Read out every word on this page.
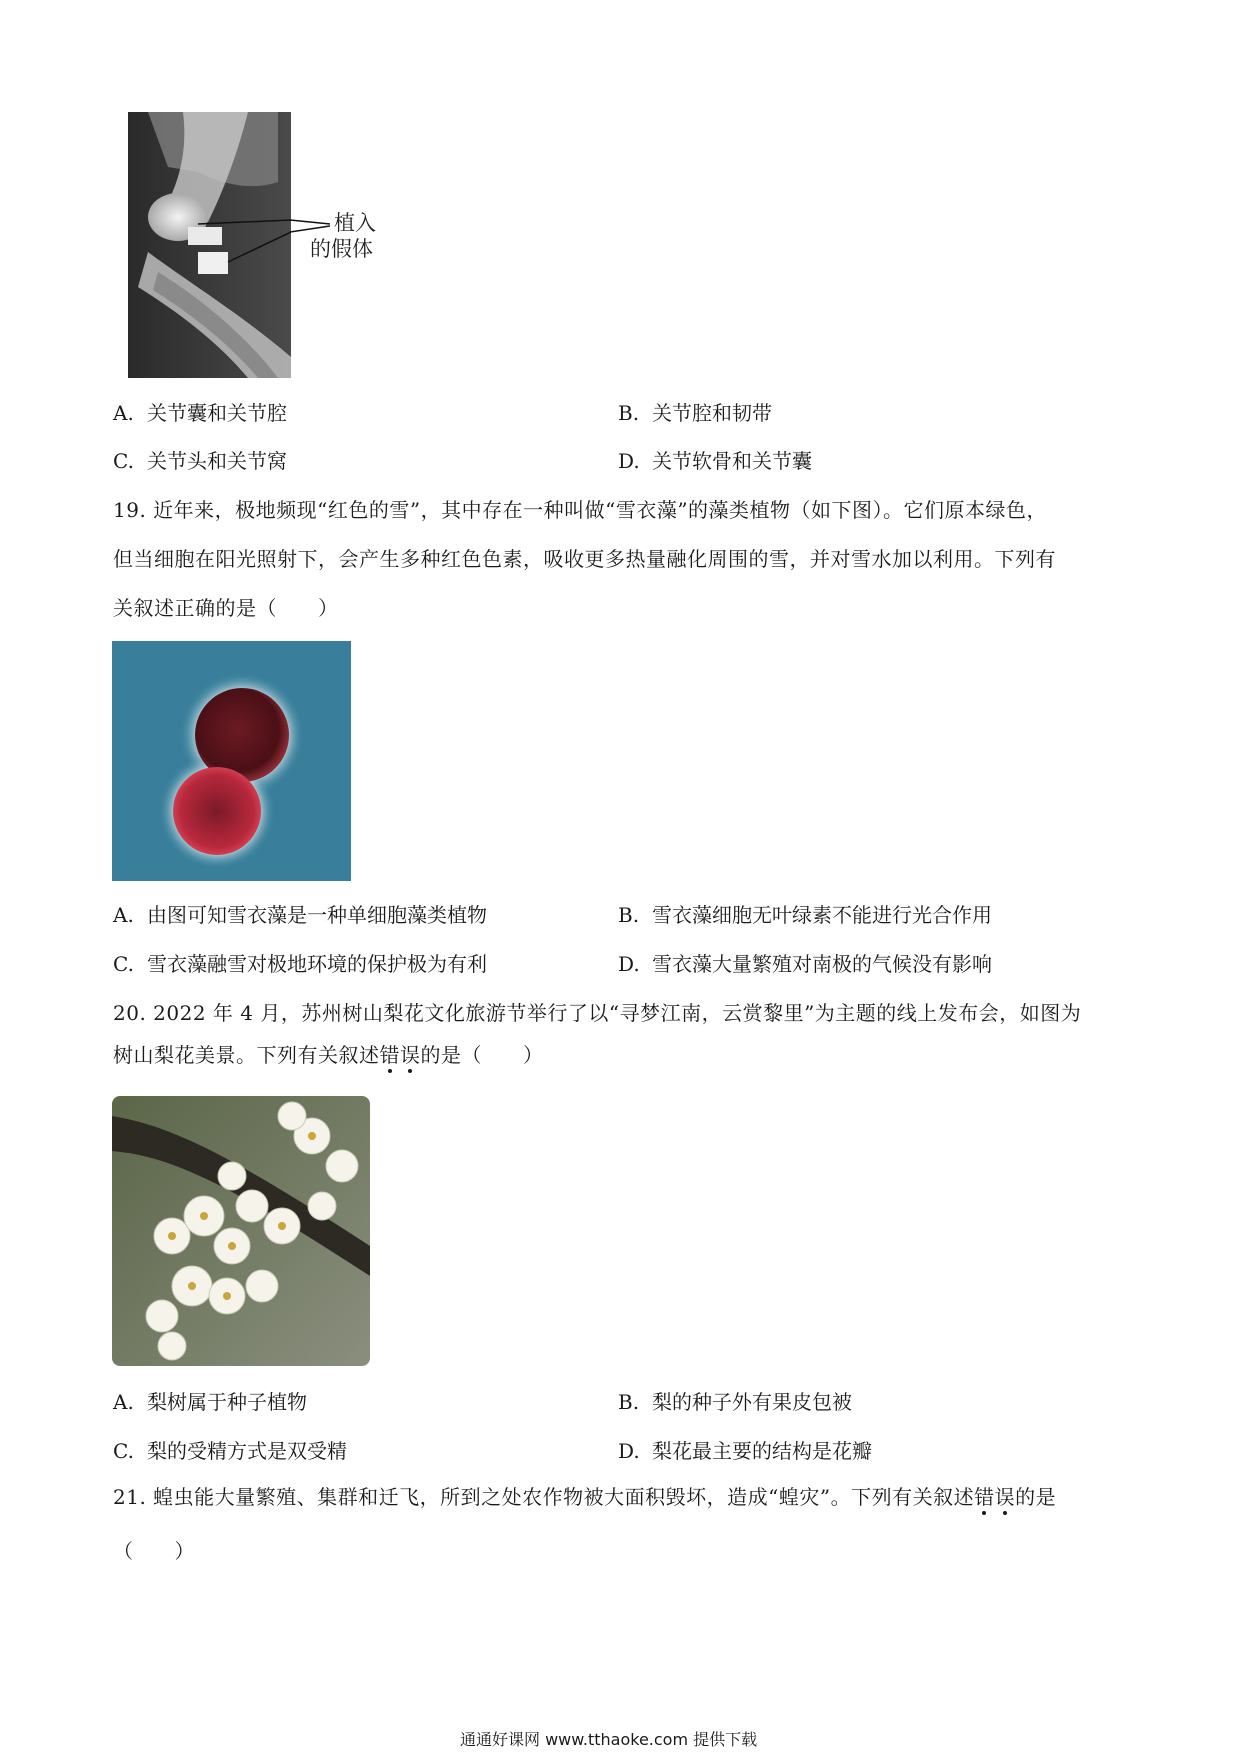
植入
的假体
A. 关节囊和关节腔	B. 关节腔和韧带
C. 关节头和关节窝	D. 关节软骨和关节囊
19. 近年来，极地频现“红色的雪”，其中存在一种叫做“雪衣藻”的藻类植物（如下图）。它们原本绿色，
但当细胞在阳光照射下，会产生多种红色色素，吸收更多热量融化周围的雪，并对雪水加以利用。下列有
关叙述正确的是（　　）
A. 由图可知雪衣藻是一种单细胞藻类植物	B. 雪衣藻细胞无叶绿素不能进行光合作用
C. 雪衣藻融雪对极地环境的保护极为有利	D. 雪衣藻大量繁殖对南极的气候没有影响
20. 2022 年 4 月，苏州树山梨花文化旅游节举行了以“寻梦江南，云赏黎里”为主题的线上发布会，如图为
树山梨花美景。下列有关叙述错误的是（　　）
A. 梨树属于种子植物	B. 梨的种子外有果皮包被
C. 梨的受精方式是双受精	D. 梨花最主要的结构是花瓣
21. 蝗虫能大量繁殖、集群和迁飞，所到之处农作物被大面积毁坏，造成“蝗灾”。下列有关叙述错误的是
（　　）
通通好课网 www.tthaoke.com 提供下载
